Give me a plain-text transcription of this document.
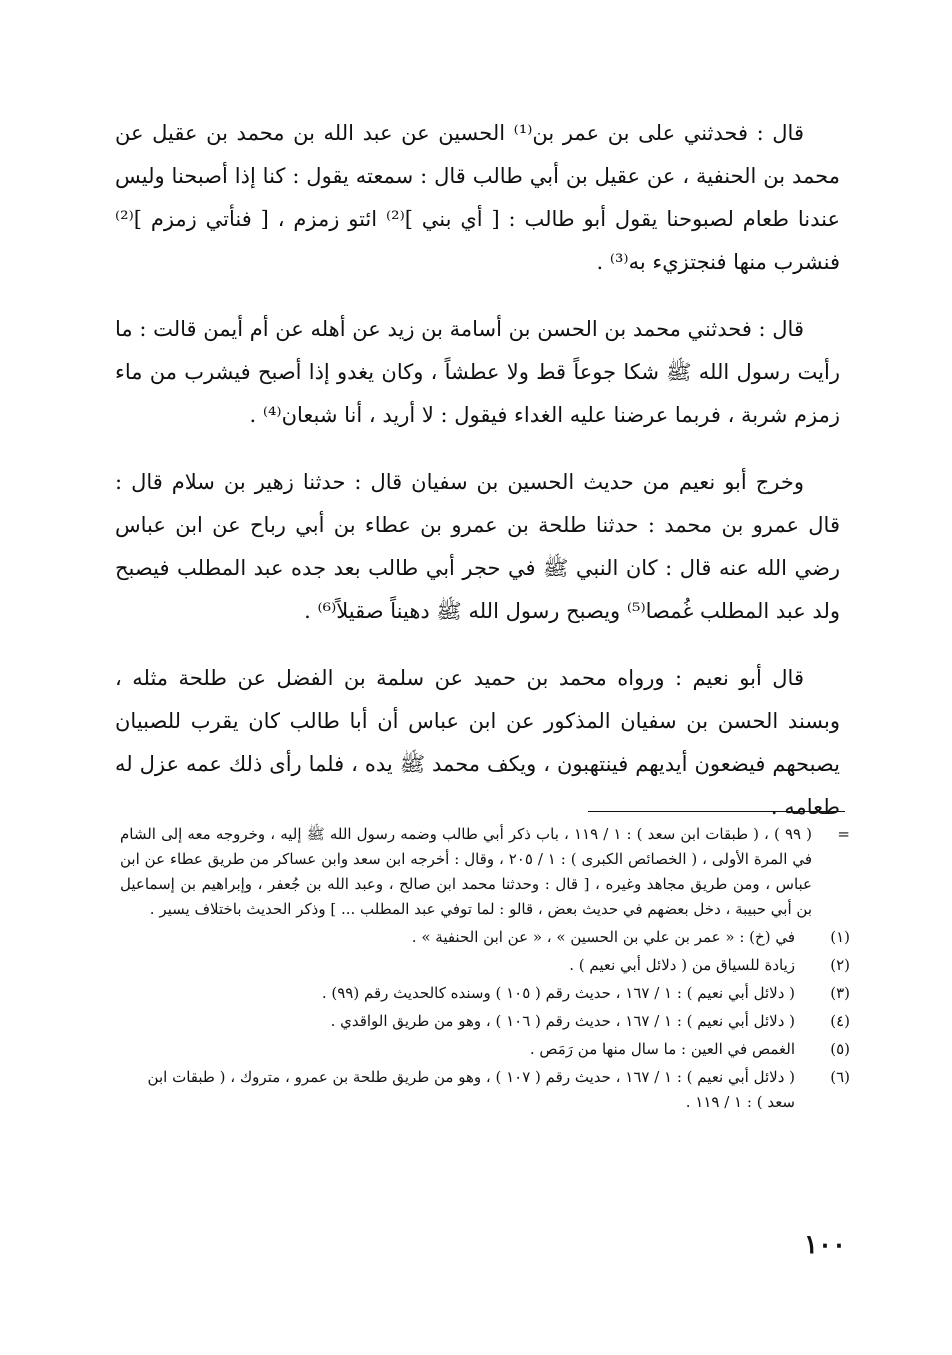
قال : فحدثني على بن عمر بن⁽¹⁾ الحسين عن عبد الله بن محمد بن عقيل عن محمد بن الحنفية ، عن عقيل بن أبي طالب قال : سمعته يقول : كنا إذا أصبحنا وليس عندنا طعام لصبوحنا يقول أبو طالب : [ أي بني ]⁽²⁾ ائتو زمزم ، [ فنأتي زمزم ]⁽²⁾ فنشرب منها فنجتزيء به⁽³⁾ .

قال : فحدثني محمد بن الحسن بن أسامة بن زيد عن أهله عن أم أيمن قالت : ما رأيت رسول الله ﷺ شكا جوعاً قط ولا عطشاً ، وكان يغدو إذا أصبح فيشرب من ماء زمزم شربة ، فربما عرضنا عليه الغداء فيقول : لا أريد ، أنا شبعان⁽⁴⁾ .

وخرج أبو نعيم من حديث الحسين بن سفيان قال : حدثنا زهير بن سلام قال : قال عمرو بن محمد : حدثنا طلحة بن عمرو بن عطاء بن أبي رباح عن ابن عباس رضي الله عنه قال : كان النبي ﷺ في حجر أبي طالب بعد جده عبد المطلب فيصبح ولد عبد المطلب غُمصا⁽⁵⁾ ويصبح رسول الله ﷺ دهيناً صقيلاً⁽⁶⁾ .

قال أبو نعيم : ورواه محمد بن حميد عن سلمة بن الفضل عن طلحة مثله ، وبسند الحسن بن سفيان المذكور عن ابن عباس أن أبا طالب كان يقرب للصبيان يصبحهم فيضعون أيديهم فينتهبون ، ويكف محمد ﷺ يده ، فلما رأى ذلك عمه عزل له طعامه .

=
( ٩٩ ) ، ( طبقات ابن سعد ) : ١ / ١١٩ ، باب ذكر أبي طالب وضمه رسول الله ﷺ إليه ، وخروجه معه إلى الشام في المرة الأولى ، ( الخصائص الكبرى ) : ١ / ٢٠٥ ، وقال : أخرجه ابن سعد وابن عساكر من طريق عطاء عن ابن عباس ، ومن طريق مجاهد وغيره ، [ قال : وحدثنا محمد ابن صالح ، وعبد الله بن جُعفر ، وإبراهيم بن إسماعيل بن أبي حبيبة ، دخل بعضهم في حديث بعض ، قالو : لما توفي عبد المطلب ... ] وذكر الحديث باختلاف يسير .
(١)
في (خ) : « عمر بن علي بن الحسين » ، « عن ابن الحنفية » .
(٢)
زيادة للسياق من ( دلائل أبي نعيم ) .
(٣)
( دلائل أبي نعيم ) : ١ / ١٦٧ ، حديث رقم ( ١٠٥ ) وسنده كالحديث رقم (٩٩) .
(٤)
( دلائل أبي نعيم ) : ١ / ١٦٧ ، حديث رقم ( ١٠٦ ) ، وهو من طريق الواقدي .
(٥)
الغمص في العين : ما سال منها من رَمَص .
(٦)
( دلائل أبي نعيم ) : ١ / ١٦٧ ، حديث رقم ( ١٠٧ ) ، وهو من طريق طلحة بن عمرو ، متروك ، ( طبقات ابن سعد ) : ١ / ١١٩ .
١٠٠
